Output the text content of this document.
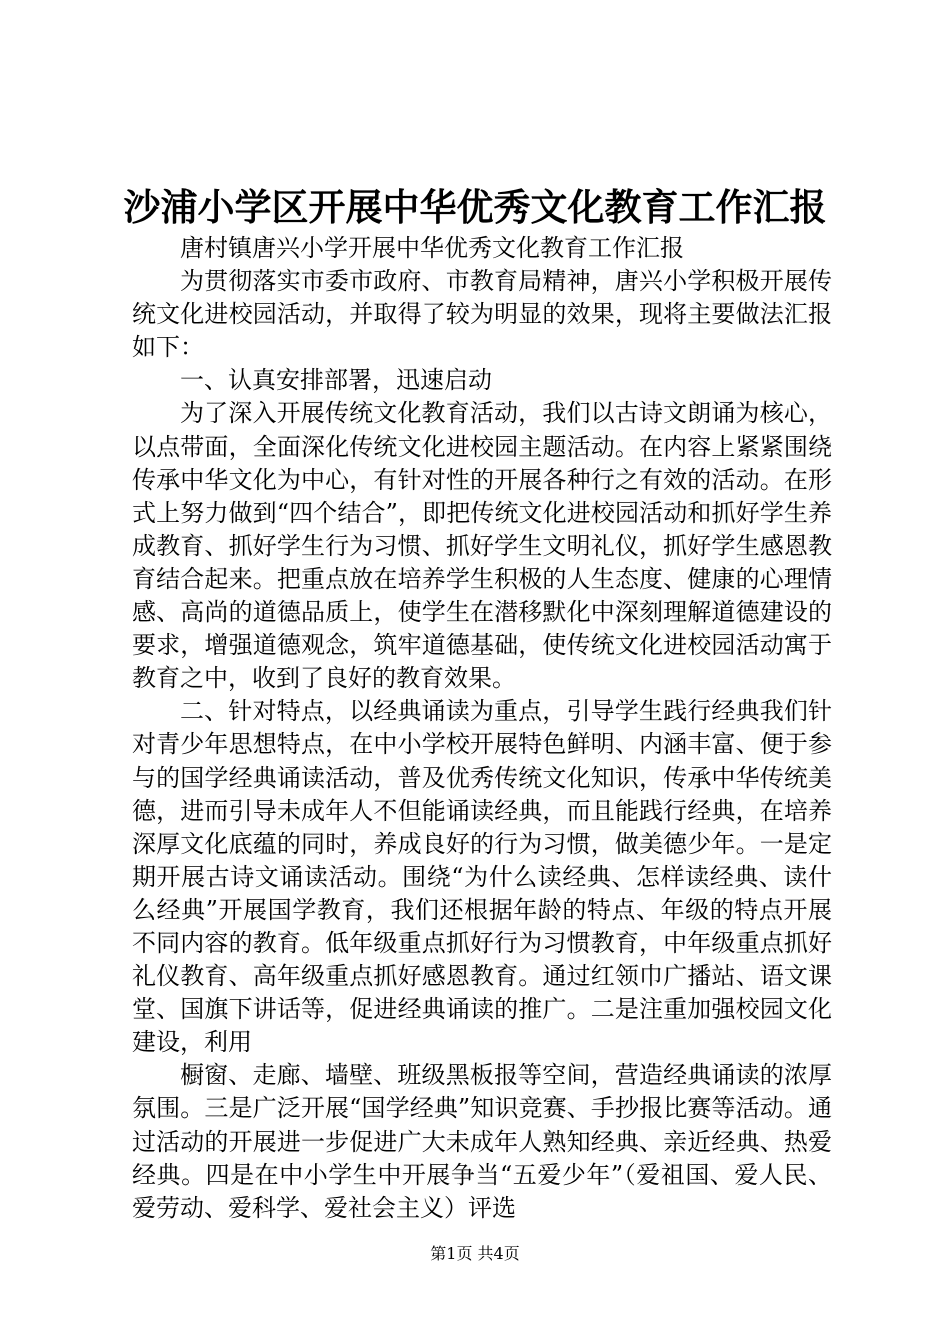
沙浦小学区开展中华优秀文化教育工作汇报

唐村镇唐兴小学开展中华优秀文化教育工作汇报

为贯彻落实市委市政府、市教育局精神，唐兴小学积极开展传统文化进校园活动，并取得了较为明显的效果，现将主要做法汇报如下：

一、认真安排部署，迅速启动

为了深入开展传统文化教育活动，我们以古诗文朗诵为核心，以点带面，全面深化传统文化进校园主题活动。在内容上紧紧围绕传承中华文化为中心，有针对性的开展各种行之有效的活动。在形式上努力做到“四个结合”，即把传统文化进校园活动和抓好学生养成教育、抓好学生行为习惯、抓好学生文明礼仪，抓好学生感恩教育结合起来。把重点放在培养学生积极的人生态度、健康的心理情感、高尚的道德品质上，使学生在潜移默化中深刻理解道德建设的要求，增强道德观念，筑牢道德基础，使传统文化进校园活动寓于教育之中，收到了良好的教育效果。

二、针对特点，以经典诵读为重点，引导学生践行经典我们针对青少年思想特点，在中小学校开展特色鲜明、内涵丰富、便于参与的国学经典诵读活动，普及优秀传统文化知识，传承中华传统美德，进而引导未成年人不但能诵读经典，而且能践行经典，在培养深厚文化底蕴的同时，养成良好的行为习惯，做美德少年。一是定期开展古诗文诵读活动。围绕“为什么读经典、怎样读经典、读什么经典”开展国学教育，我们还根据年龄的特点、年级的特点开展不同内容的教育。低年级重点抓好行为习惯教育，中年级重点抓好礼仪教育、高年级重点抓好感恩教育。通过红领巾广播站、语文课堂、国旗下讲话等，促进经典诵读的推广。二是注重加强校园文化建设，利用

橱窗、走廊、墙壁、班级黑板报等空间，营造经典诵读的浓厚氛围。三是广泛开展“国学经典”知识竞赛、手抄报比赛等活动。通过活动的开展进一步促进广大未成年人熟知经典、亲近经典、热爱经典。四是在中小学生中开展争当“五爱少年”（爱祖国、爱人民、爱劳动、爱科学、爱社会主义）评选

第1页 共4页
